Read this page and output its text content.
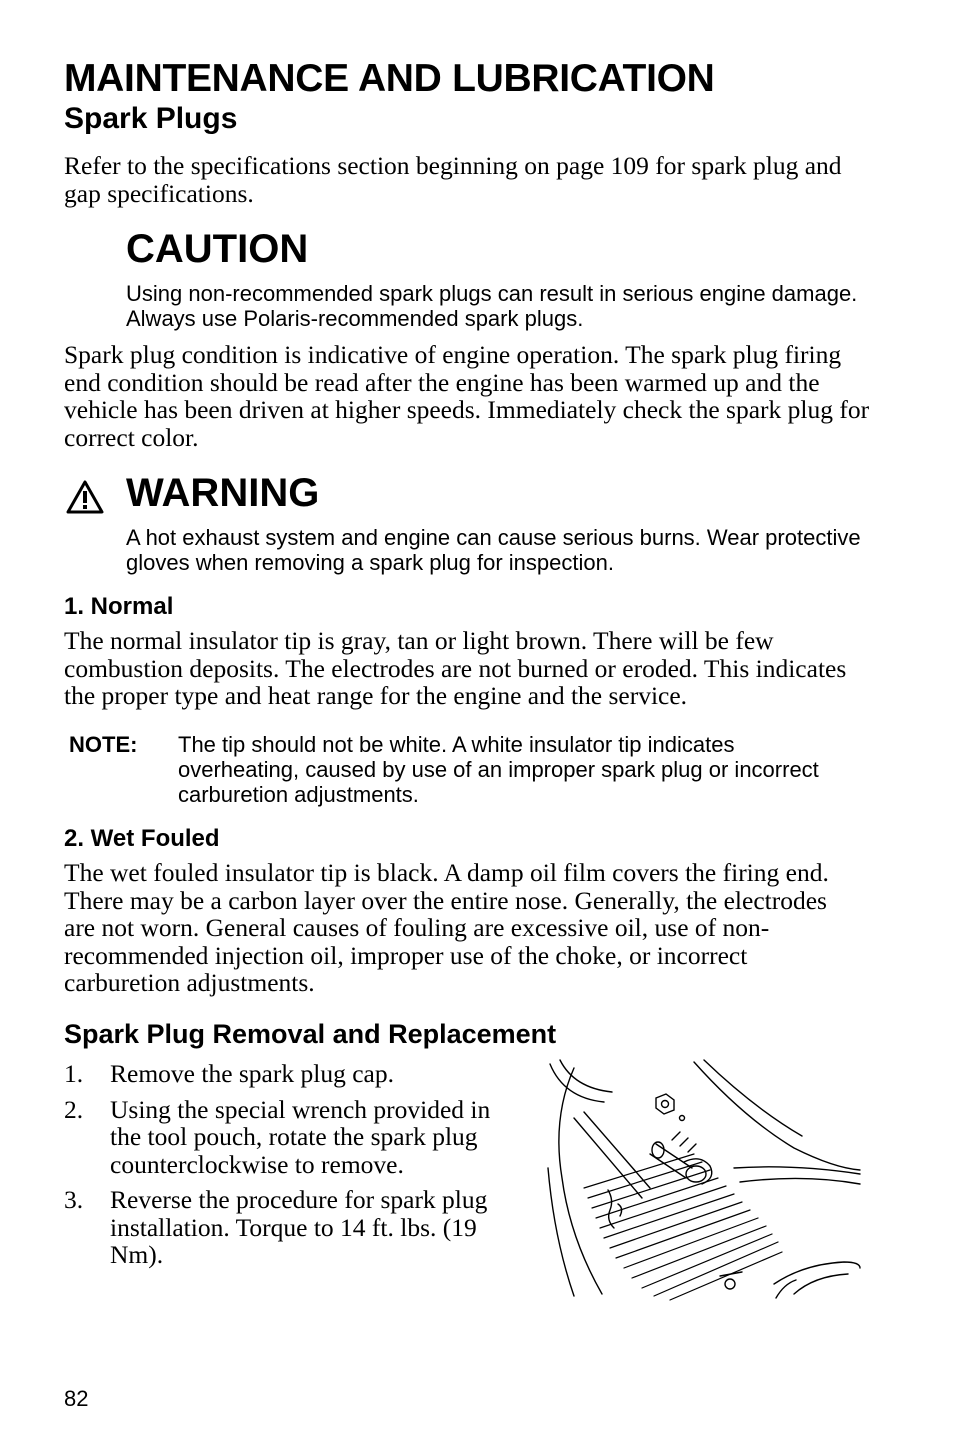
MAINTENANCE AND LUBRICATION
Spark Plugs

Refer to the specifications section beginning on page 109 for spark plug and gap specifications.

CAUTION

Using non-recommended spark plugs can result in serious engine damage. Always use Polaris-recommended spark plugs.

Spark plug condition is indicative of engine operation. The spark plug firing end condition should be read after the engine has been warmed up and the vehicle has been driven at higher speeds. Immediately check the spark plug for correct color.

WARNING

A hot exhaust system and engine can cause serious burns. Wear protective gloves when removing a spark plug for inspection.

1. Normal

The normal insulator tip is gray, tan or light brown. There will be few combustion deposits. The electrodes are not burned or eroded. This indicates the proper type and heat range for the engine and the service.

NOTE: The tip should not be white. A white insulator tip indicates overheating, caused by use of an improper spark plug or incorrect carburetion adjustments.

2. Wet Fouled

The wet fouled insulator tip is black. A damp oil film covers the firing end. There may be a carbon layer over the entire nose. Generally, the electrodes are not worn. General causes of fouling are excessive oil, use of non-recommended injection oil, improper use of the choke, or incorrect carburetion adjustments.

Spark Plug Removal and Replacement
1.	Remove the spark plug cap.
2.	Using the special wrench provided in the tool pouch, rotate the spark plug counterclockwise to remove.
3.	Reverse the procedure for spark plug installation. Torque to 14 ft. lbs. (19 Nm).
82
